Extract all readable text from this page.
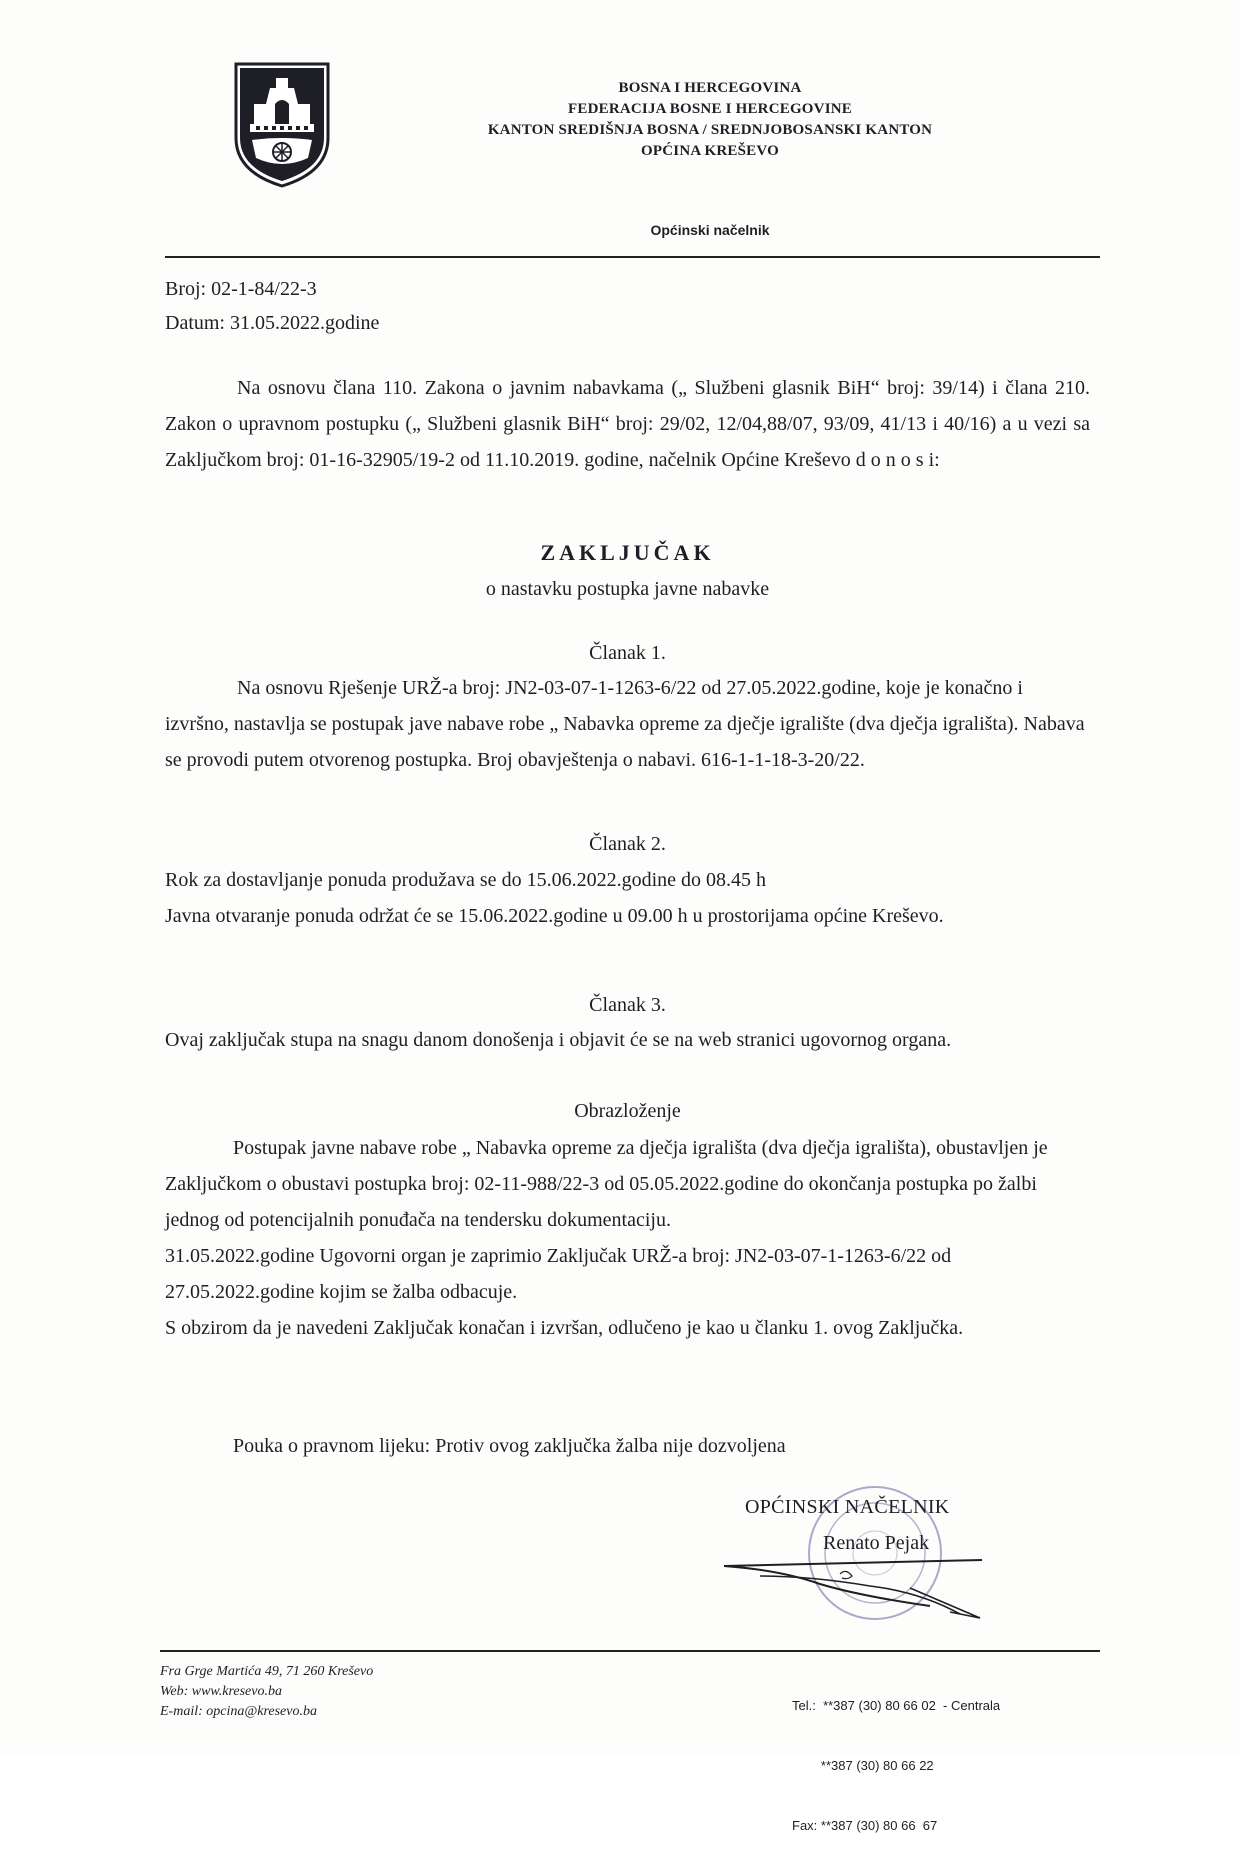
BOSNA I HERCEGOVINA
FEDERACIJA BOSNE I HERCEGOVINE
KANTON SREDIŠNJA BOSNA / SREDNJOBOSANSKI KANTON
OPĆINA KREŠEVO
Općinski načelnik
Broj: 02-1-84/22-3
Datum: 31.05.2022.godine
Na osnovu člana 110. Zakona o javnim nabavkama („ Službeni glasnik BiH“ broj: 39/14) i člana 210. Zakon o upravnom postupku („ Službeni glasnik BiH“ broj: 29/02, 12/04,88/07, 93/09, 41/13 i 40/16) a u vezi sa Zaključkom broj: 01-16-32905/19-2 od 11.10.2019. godine, načelnik Općine Kreševo d o n o s i:
ZAKLJUČAK
o nastavku postupka javne nabavke
Članak 1.

Na osnovu Rješenje URŽ-a broj: JN2-03-07-1-1263-6/22 od 27.05.2022.godine, koje je konačno i izvršno, nastavlja se postupak jave nabave robe „ Nabavka opreme za dječje igralište (dva dječja igrališta). Nabava se provodi putem otvorenog postupka. Broj obavještenja o nabavi. 616-1-1-18-3-20/22.

Članak 2.

Rok za dostavljanje ponuda produžava se do 15.06.2022.godine do 08.45 h

Javna otvaranje ponuda održat će se 15.06.2022.godine u 09.00 h u prostorijama općine Kreševo.

Članak 3.

Ovaj zaključak stupa na snagu danom donošenja i objavit će se na web stranici ugovornog organa.

Obrazloženje

Postupak javne nabave robe „ Nabavka opreme za dječja igrališta (dva dječja igrališta), obustavljen je Zaključkom o obustavi postupka broj: 02-11-988/22-3 od 05.05.2022.godine do okončanja postupka po žalbi jednog od potencijalnih ponuđača na tendersku dokumentaciju.

31.05.2022.godine Ugovorni organ je zaprimio Zaključak URŽ-a broj: JN2-03-07-1-1263-6/22 od 27.05.2022.godine kojim se žalba odbacuje.

S obzirom da je navedeni Zaključak konačan i izvršan, odlučeno je kao u članku 1. ovog Zaključka.

Pouka o pravnom lijeku: Protiv ovog zaključka žalba nije dozvoljena

OPĆINSKI NAČELNIK
Renato Pejak
Fra Grge Martića 49, 71 260 Kreševo
Web: www.kresevo.ba
E-mail: opcina@kresevo.ba

	Tel.:  **387 (30) 80 66 02  - Centrala

**387 (30) 80 66 22

Fax: **387 (30) 80 66  67
